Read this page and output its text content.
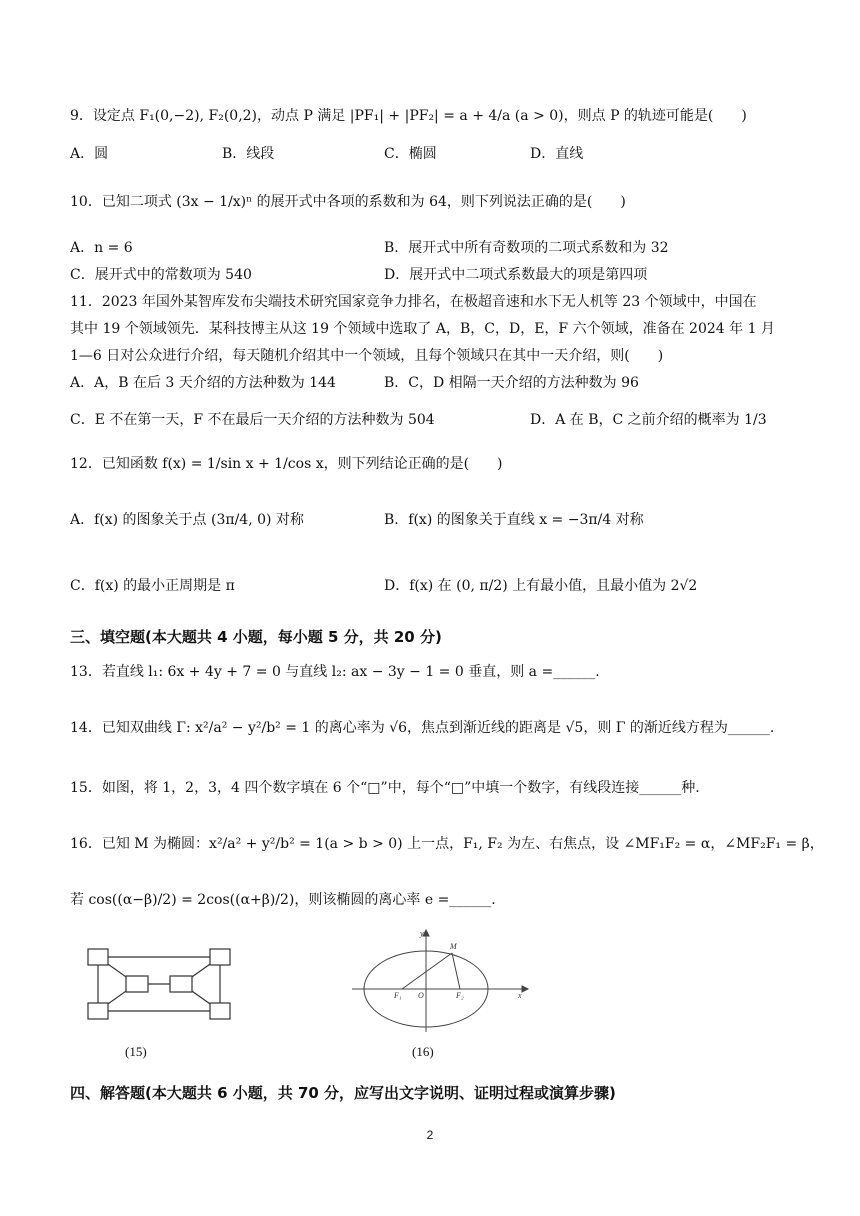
9．设定点 F₁(0,−2), F₂(0,2)，动点 P 满足 |PF₁| + |PF₂| = a + 4/a (a > 0)，则点 P 的轨迹可能是(　　)
A．圆	B．线段	C．椭圆	D．直线
10．已知二项式 (3x − 1/x)ⁿ 的展开式中各项的系数和为 64，则下列说法正确的是(　　)
A．n = 6	B．展开式中所有奇数项的二项式系数和为 32
C．展开式中的常数项为 540	D．展开式中二项式系数最大的项是第四项
11．2023 年国外某智库发布尖端技术研究国家竞争力排名，在极超音速和水下无人机等 23 个领域中，中国在
其中 19 个领域领先．某科技博主从这 19 个领域中选取了 A，B，C，D，E，F 六个领域，准备在 2024 年 1 月
1—6 日对公众进行介绍，每天随机介绍其中一个领域，且每个领域只在其中一天介绍，则(　　)
A．A，B 在后 3 天介绍的方法种数为 144	B．C，D 相隔一天介绍的方法种数为 96
C．E 不在第一天，F 不在最后一天介绍的方法种数为 504	D．A 在 B，C 之前介绍的概率为 1/3
12．已知函数 f(x) = 1/sin x + 1/cos x，则下列结论正确的是(　　)
A．f(x) 的图象关于点 (3π/4, 0) 对称	B．f(x) 的图象关于直线 x = −3π/4 对称
C．f(x) 的最小正周期是 π	D．f(x) 在 (0, π/2) 上有最小值，且最小值为 2√2
三、填空题(本大题共 4 小题，每小题 5 分，共 20 分)
13．若直线 l₁: 6x + 4y + 7 = 0 与直线 l₂: ax − 3y − 1 = 0 垂直，则 a =______.
14．已知双曲线 Γ: x²/a² − y²/b² = 1 的离心率为 √6，焦点到渐近线的距离是 √5，则 Γ 的渐近线方程为______.
15．如图，将 1，2，3，4 四个数字填在 6 个“□”中，每个“□”中填一个数字，有线段连接______种.
16．已知 M 为椭圆：x²/a² + y²/b² = 1(a > b > 0) 上一点，F₁, F₂ 为左、右焦点，设 ∠MF₁F₂ = α，∠MF₂F₁ = β，
若 cos((α−β)/2) = 2cos((α+β)/2)，则该椭圆的离心率 e =______.
(15)
y
x
M
O
F₁	F₂
(16)
四、解答题(本大题共 6 小题，共 70 分，应写出文字说明、证明过程或演算步骤)
2
